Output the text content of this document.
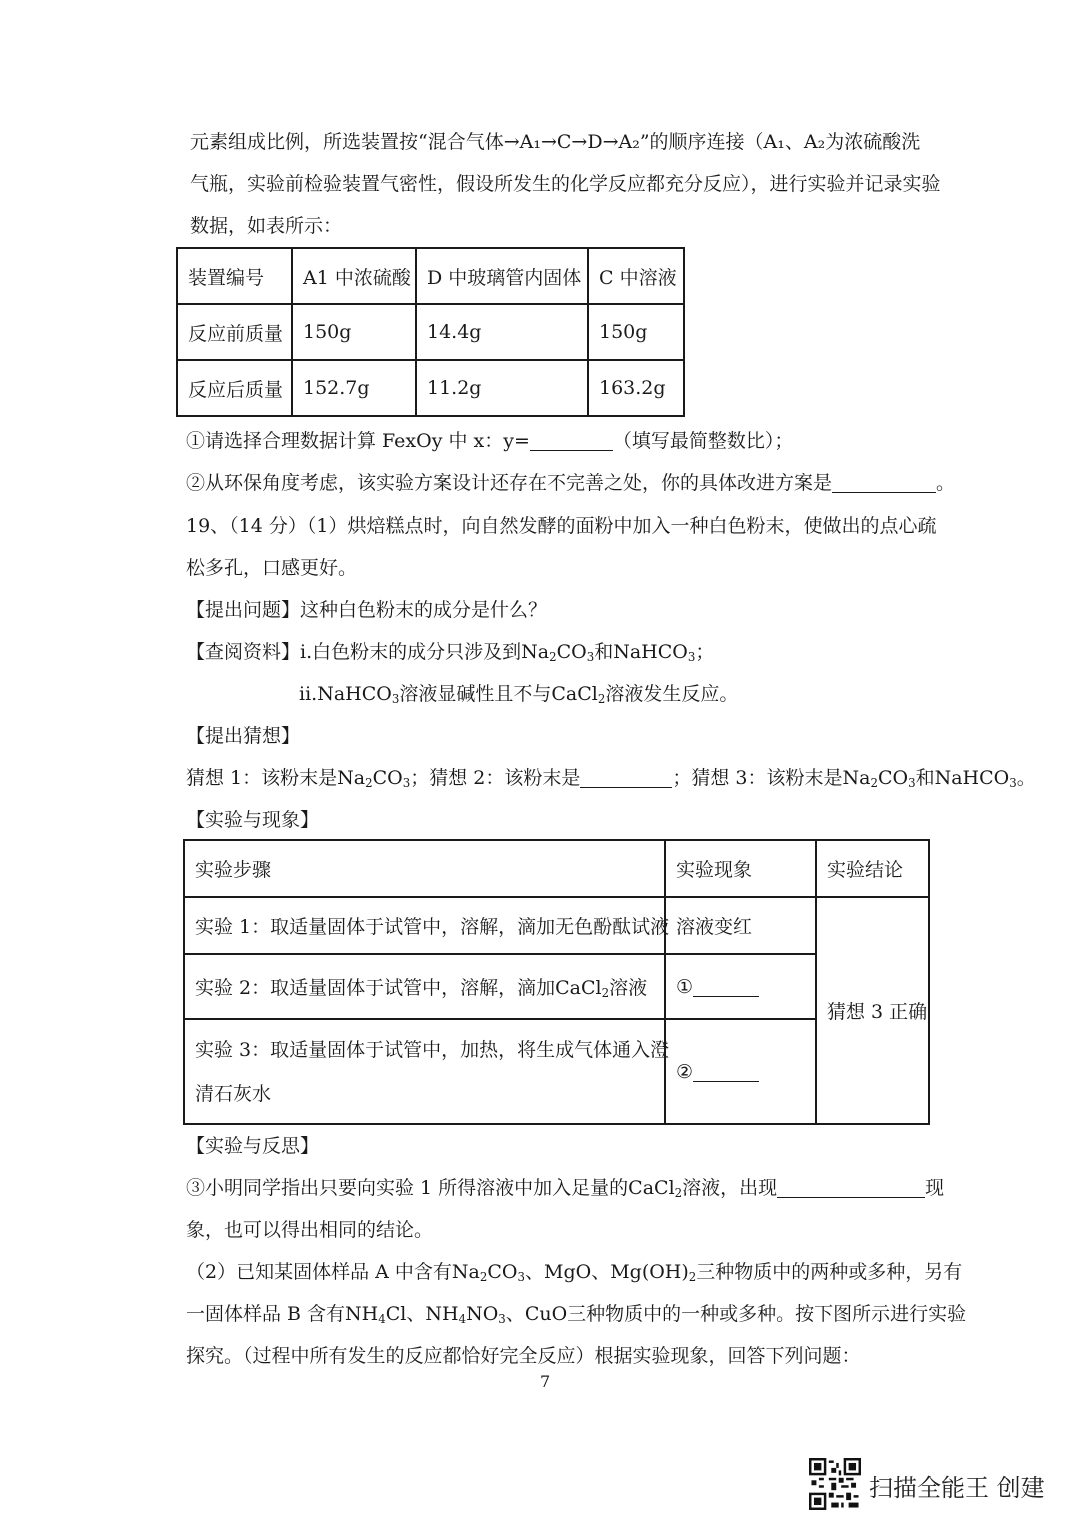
元素组成比例，所选装置按“混合气体→A₁→C→D→A₂”的顺序连接（A₁、A₂为浓硫酸洗
气瓶，实验前检验装置气密性，假设所发生的化学反应都充分反应），进行实验并记录实验
数据，如表所示：
装置编号	A1 中浓硫酸	D 中玻璃管内固体	C 中溶液
反应前质量	150g	14.4g	150g
反应后质量	152.7g	11.2g	163.2g
①请选择合理数据计算 FexOy 中 x：y=	（填写最简整数比）；
②从环保角度考虑，该实验方案设计还存在不完善之处，你的具体改进方案是	。
19、（14 分）（1）烘焙糕点时，向自然发酵的面粉中加入一种白色粉末，使做出的点心疏
松多孔，口感更好。
【提出问题】这种白色粉末的成分是什么？
【查阅资料】i.白色粉末的成分只涉及到$Na_2CO_3$和NaHCO$_3$；
ii.NaHCO$_3$溶液显碱性且不与CaCl$_2$溶液发生反应。
【提出猜想】
猜想 1：该粉末是$Na_2CO_3$；猜想 2：该粉末是	；猜想 3：该粉末是$Na_2CO_3$和NaHCO$_3$。
【实验与现象】
实验步骤	实验现象	实验结论
实验 1：取适量固体于试管中，溶解，滴加无色酚酞试液	溶液变红	猜想 3 正确
实验 2：取适量固体于试管中，溶解，滴加CaCl$_2$溶液	①	

实验 3：取适量固体于试管中，加热，将生成气体通入澄
清石灰水	②	
【实验与反思】
③小明同学指出只要向实验 1 所得溶液中加入足量的CaCl$_2$溶液，出现	现
象，也可以得出相同的结论。
（2）已知某固体样品 A 中含有$Na_2CO_3$、MgO、$Mg(OH)_2$三种物质中的两种或多种，另有
一固体样品 B 含有$NH_4Cl$、$NH_4NO_3$、CuO三种物质中的一种或多种。按下图所示进行实验
探究。（过程中所有发生的反应都恰好完全反应）根据实验现象，回答下列问题：
7
扫描全能王 创建
